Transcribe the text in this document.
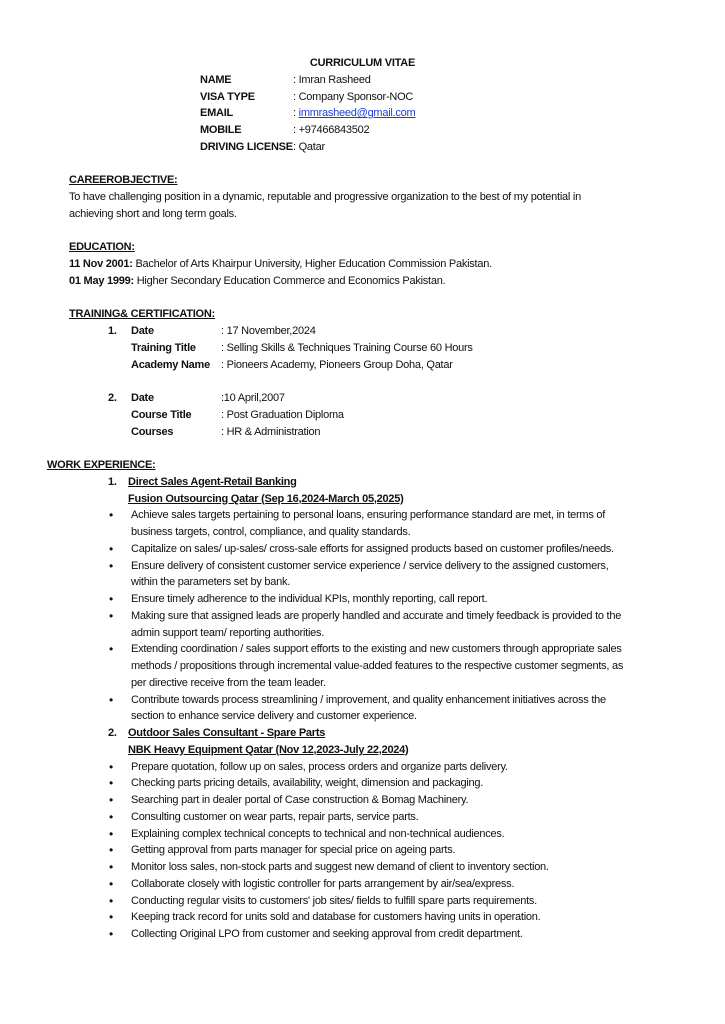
CURRICULUM VITAE
NAME	: Imran Rasheed
VISA TYPE	: Company Sponsor-NOC
EMAIL	: immrasheed@gmail.com
MOBILE	: +97466843502
DRIVING LICENSE : Qatar
CAREEROBJECTIVE:
To have challenging position in a dynamic, reputable and progressive organization to the best of my potential in achieving short and long term goals.
EDUCATION:
11 Nov 2001: Bachelor of Arts Khairpur University, Higher Education Commission Pakistan.
01 May 1999: Higher Secondary Education Commerce and Economics Pakistan.
TRAINING& CERTIFICATION:
1.	Date	: 17 November,2024
Training Title	: Selling Skills & Techniques Training Course 60 Hours
Academy Name	: Pioneers Academy, Pioneers Group Doha, Qatar
2.	Date	:10 April,2007
Course Title	: Post Graduation Diploma
Courses	: HR & Administration
WORK EXPERIENCE:
1.	Direct Sales Agent-Retail Banking
Fusion Outsourcing Qatar (Sep 16,2024-March 05,2025)
• Achieve sales targets pertaining to personal loans, ensuring performance standard are met, in terms of business targets, control, compliance, and quality standards.
• Capitalize on sales/ up-sales/ cross-sale efforts for assigned products based on customer profiles/needs.
• Ensure delivery of consistent customer service experience / service delivery to the assigned customers, within the parameters set by bank.
• Ensure timely adherence to the individual KPIs, monthly reporting, call report.
• Making sure that assigned leads are properly handled and accurate and timely feedback is provided to the admin support team/ reporting authorities.
• Extending coordination / sales support efforts to the existing and new customers through appropriate sales methods / propositions through incremental value-added features to the respective customer segments, as per directive receive from the team leader.
• Contribute towards process streamlining / improvement, and quality enhancement initiatives across the section to enhance service delivery and customer experience.
2.	Outdoor Sales Consultant - Spare Parts
NBK Heavy Equipment Qatar (Nov 12,2023-July 22,2024)
• Prepare quotation, follow up on sales, process orders and organize parts delivery.
• Checking parts pricing details, availability, weight, dimension and packaging.
• Searching part in dealer portal of Case construction & Bomag Machinery.
• Consulting customer on wear parts, repair parts, service parts.
• Explaining complex technical concepts to technical and non-technical audiences.
• Getting approval from parts manager for special price on ageing parts.
• Monitor loss sales, non-stock parts and suggest new demand of client to inventory section.
• Collaborate closely with logistic controller for parts arrangement by air/sea/express.
• Conducting regular visits to customers' job sites/ fields to fulfill spare parts requirements.
• Keeping track record for units sold and database for customers having units in operation.
• Collecting Original LPO from customer and seeking approval from credit department.
